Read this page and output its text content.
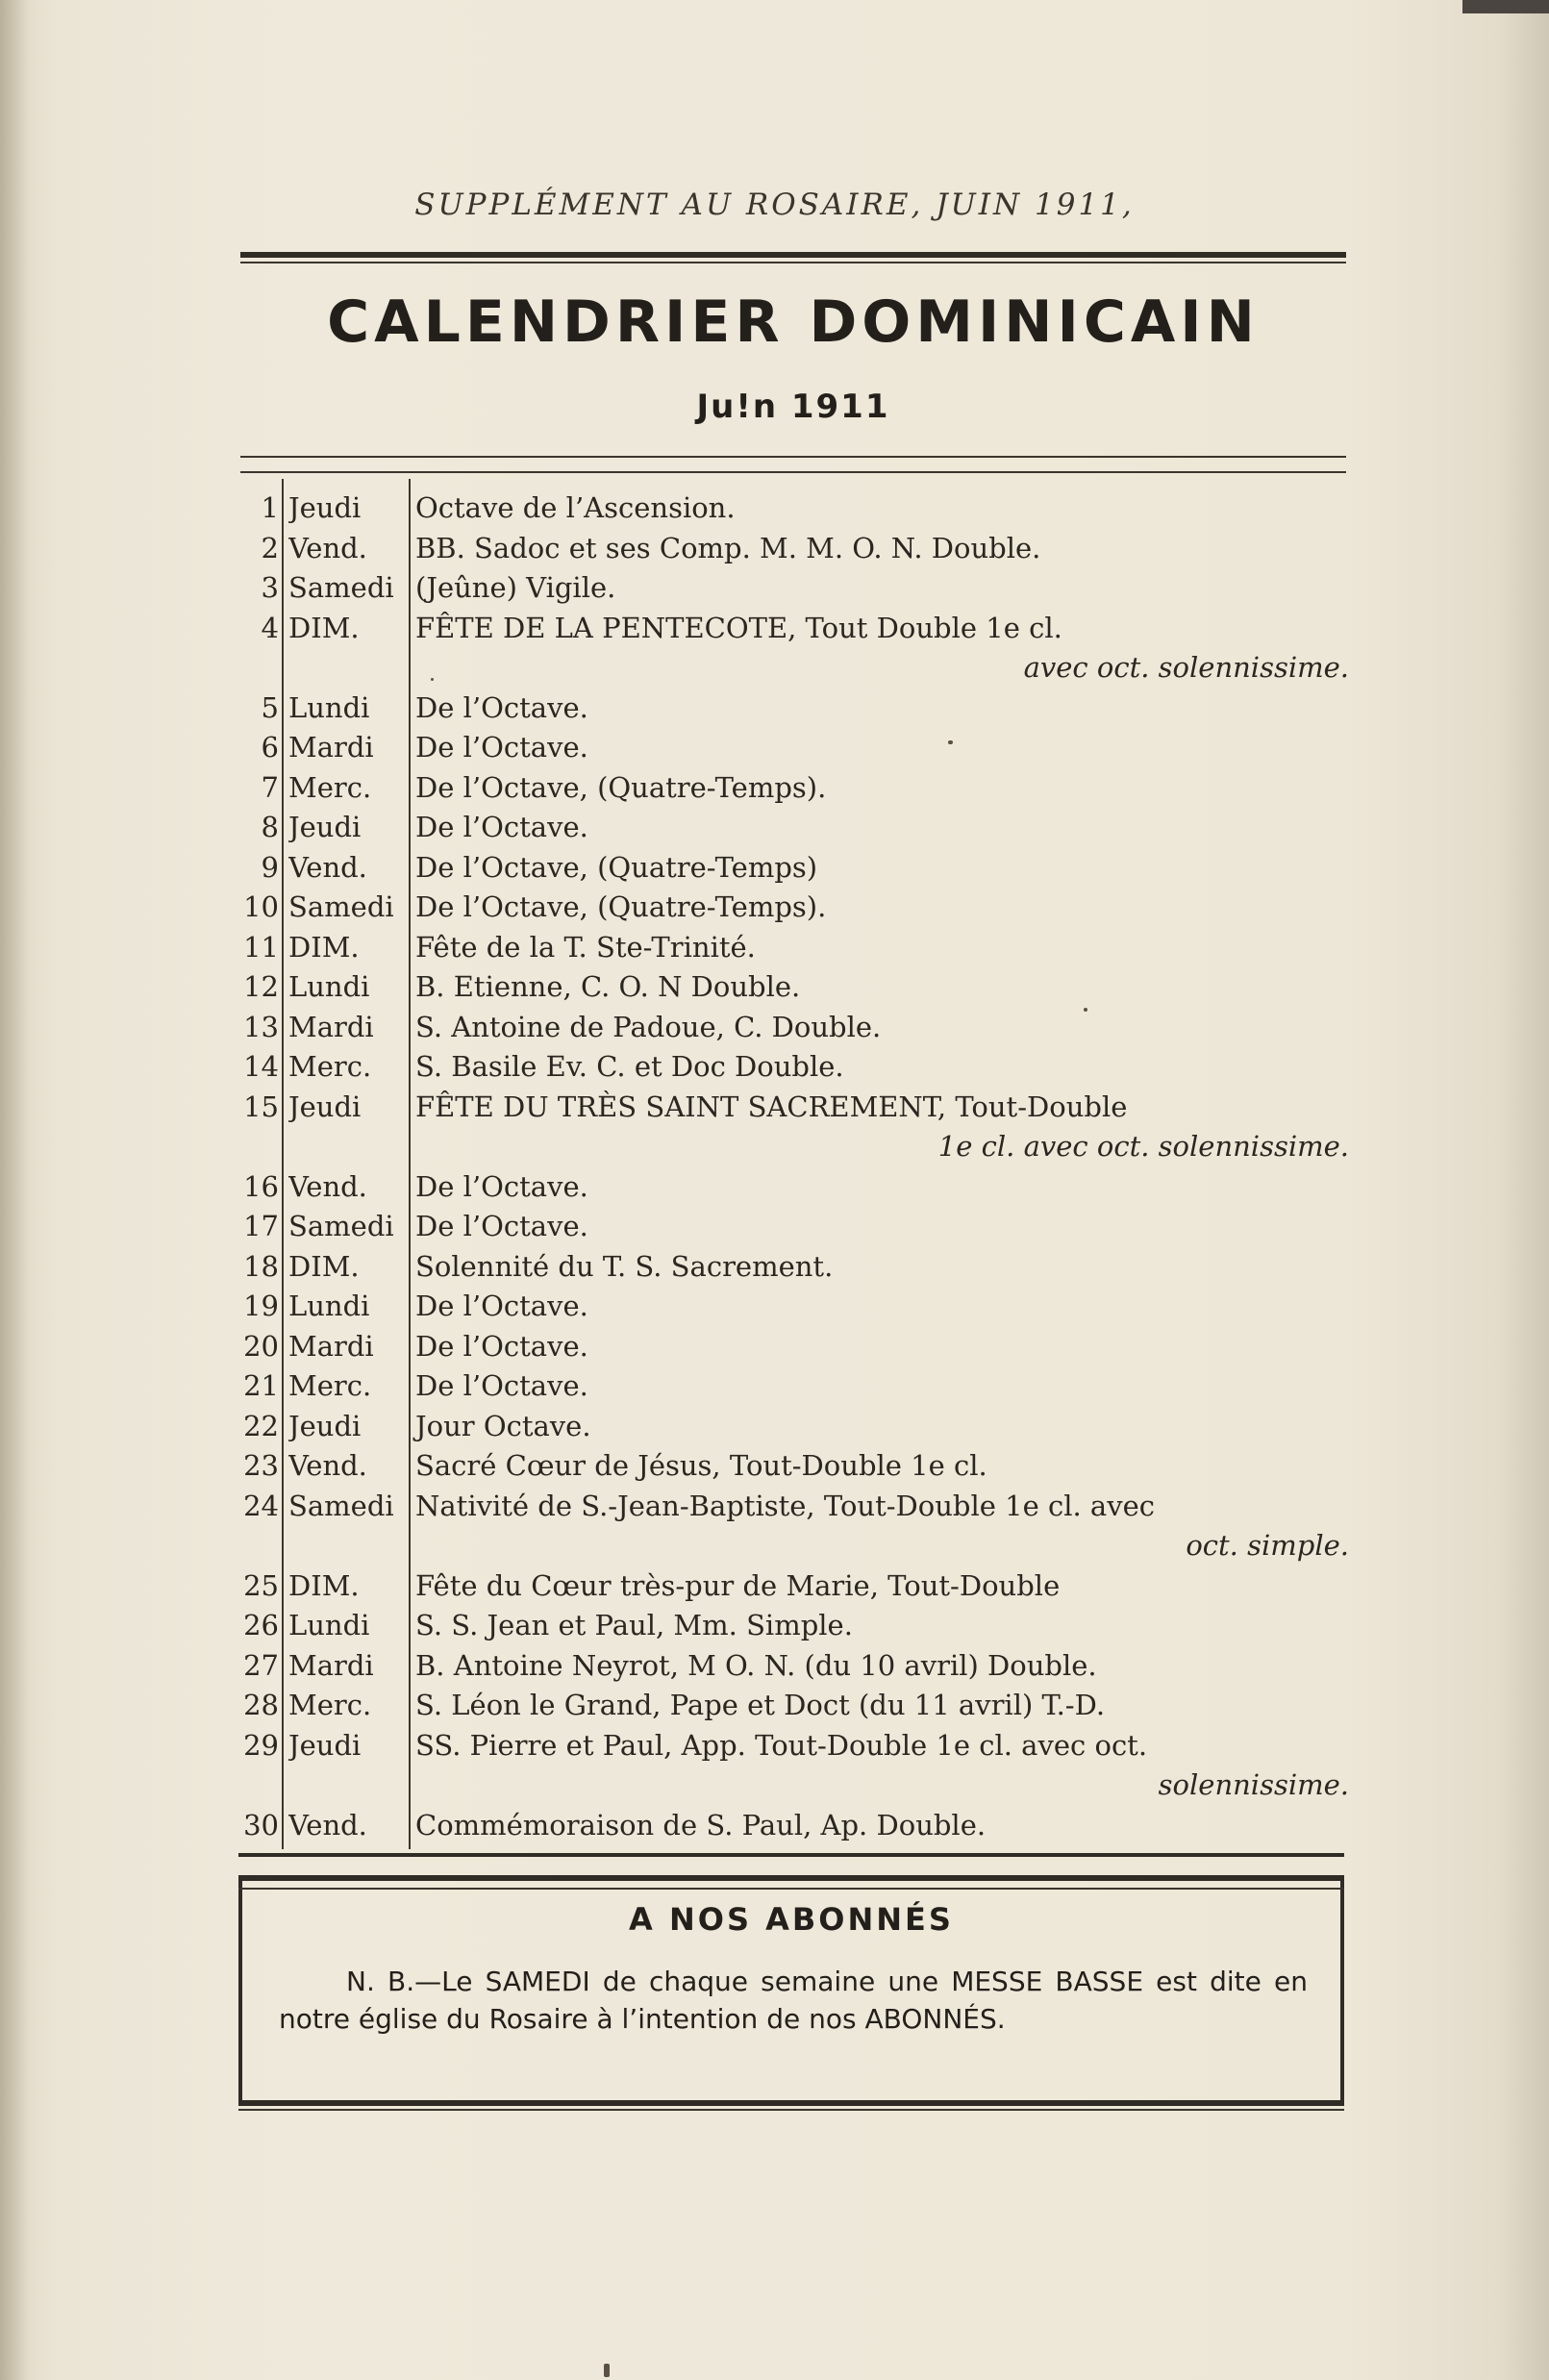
SUPPLÉMENT AU ROSAIRE, JUIN 1911,
CALENDRIER DOMINICAIN
Ju!n 1911
1 Jeudi	Octave de l’Ascension.
2 Vend.	BB. Sadoc et ses Comp. M. M. O. N. Double.
3 Samedi (Jeûne) Vigile.
4 DIM.	FÊTE DE LA PENTECOTE, Tout Double 1e cl.
avec oct. solennissime.
5 Lundi	De l’Octave.
6 Mardi	De l’Octave.
7 Merc.	De l’Octave, (Quatre-Temps).
8 Jeudi	De l’Octave.
9 Vend.	De l’Octave, (Quatre-Temps)
10 Samedi De l’Octave, (Quatre-Temps).
11 DIM.	Fête de la T. Ste-Trinité.
12 Lundi	B. Etienne, C. O. N Double.
13 Mardi	S. Antoine de Padoue, C. Double.
14 Merc.	S. Basile Ev. C. et Doc Double.
15 Jeudi	FÊTE DU TRÈS SAINT SACREMENT, Tout-Double
1e cl. avec oct. solennissime.
16 Vend.	De l’Octave.
17 Samedi De l’Octave.
18 DIM.	Solennité du T. S. Sacrement.
19 Lundi	De l’Octave.
20 Mardi	De l’Octave.
21 Merc.	De l’Octave.
22 Jeudi	Jour Octave.
23 Vend.	Sacré Cœur de Jésus, Tout-Double 1e cl.
24 Samedi Nativité de S.-Jean-Baptiste, Tout-Double 1e cl. avec
oct. simple.
25 DIM.	Fête du Cœur très-pur de Marie, Tout-Double
26 Lundi	S. S. Jean et Paul, Mm. Simple.
27 Mardi	B. Antoine Neyrot, M O. N. (du 10 avril) Double.
28 Merc.	S. Léon le Grand, Pape et Doct (du 11 avril) T.-D.
29 Jeudi	SS. Pierre et Paul, App. Tout-Double 1e cl. avec oct.
solennissime.
30 Vend.	Commémoraison de S. Paul, Ap. Double.
A NOS ABONNÉS
N. B.—Le SAMEDI de chaque semaine une MESSE BASSE est dite en notre église du Rosaire à l’intention de nos ABONNÉS.
